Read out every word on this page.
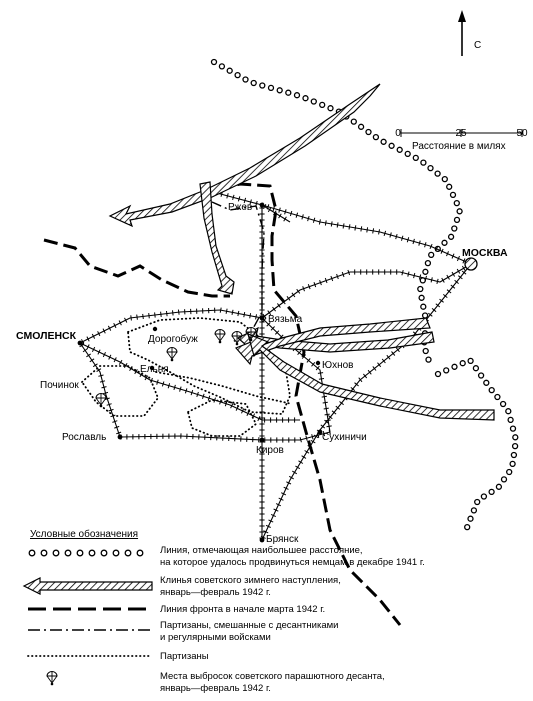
С
0	25	50
Расстояние в милях
МОСКВА
Ржев
СМОЛЕНСК
Вязьма
Дорогобуж
Ельня	Юхнов
Починок
Рославль	Сухиничи
Киров
Брянск
Условные обозначения
Линия, отмечающая наибольшее расстояние,
на которое удалось продвинуться немцам в декабре 1941 г.
Клинья советского зимнего наступления,
январь—февраль 1942 г.
Линия фронта в начале марта 1942 г.
Партизаны, смешанные с десантниками
и регулярными войсками
Партизаны
Места выбросок советского парашютного десанта,
январь—февраль 1942 г.
